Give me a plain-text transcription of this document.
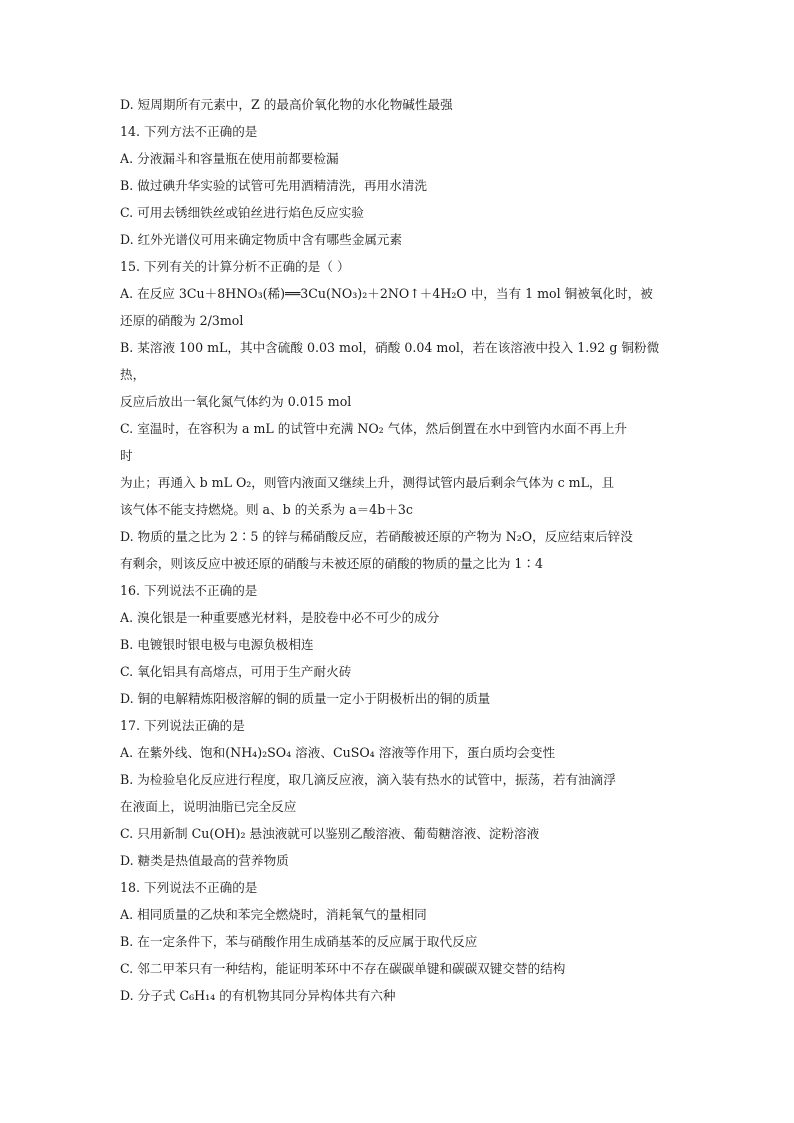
D. 短周期所有元素中，Z 的最高价氧化物的水化物碱性最强
14. 下列方法不正确的是
A. 分液漏斗和容量瓶在使用前都要检漏
B. 做过碘升华实验的试管可先用酒精清洗，再用水清洗
C. 可用去锈细铁丝或铂丝进行焰色反应实验
D. 红外光谱仪可用来确定物质中含有哪些金属元素
15. 下列有关的计算分析不正确的是（ ）
A. 在反应 3Cu＋8HNO₃(稀)══3Cu(NO₃)₂＋2NO↑＋4H₂O 中，当有 1 mol 铜被氧化时，被
还原的硝酸为 2/3mol
B. 某溶液 100 mL，其中含硫酸 0.03 mol，硝酸 0.04 mol，若在该溶液中投入 1.92 g 铜粉微
热，
反应后放出一氧化氮气体约为 0.015 mol
C. 室温时，在容积为 a mL 的试管中充满 NO₂ 气体，然后倒置在水中到管内水面不再上升
时
为止；再通入 b mL O₂，则管内液面又继续上升，测得试管内最后剩余气体为 c mL，且
该气体不能支持燃烧。则 a、b 的关系为 a＝4b＋3c
D. 物质的量之比为 2∶5 的锌与稀硝酸反应，若硝酸被还原的产物为 N₂O，反应结束后锌没
有剩余，则该反应中被还原的硝酸与未被还原的硝酸的物质的量之比为 1∶4
16. 下列说法不正确的是
A. 溴化银是一种重要感光材料，是胶卷中必不可少的成分
B. 电镀银时银电极与电源负极相连
C. 氧化铝具有高熔点，可用于生产耐火砖
D. 铜的电解精炼阳极溶解的铜的质量一定小于阴极析出的铜的质量
17. 下列说法正确的是
A. 在紫外线、饱和(NH₄)₂SO₄ 溶液、CuSO₄ 溶液等作用下，蛋白质均会变性
B. 为检验皂化反应进行程度，取几滴反应液，滴入装有热水的试管中，振荡，若有油滴浮
在液面上，说明油脂已完全反应
C. 只用新制 Cu(OH)₂ 悬浊液就可以鉴别乙酸溶液、葡萄糖溶液、淀粉溶液
D. 糖类是热值最高的营养物质
18. 下列说法不正确的是
A. 相同质量的乙炔和苯完全燃烧时，消耗氧气的量相同
B. 在一定条件下，苯与硝酸作用生成硝基苯的反应属于取代反应
C. 邻二甲苯只有一种结构，能证明苯环中不存在碳碳单键和碳碳双键交替的结构
D. 分子式 C₆H₁₄ 的有机物其同分异构体共有六种
